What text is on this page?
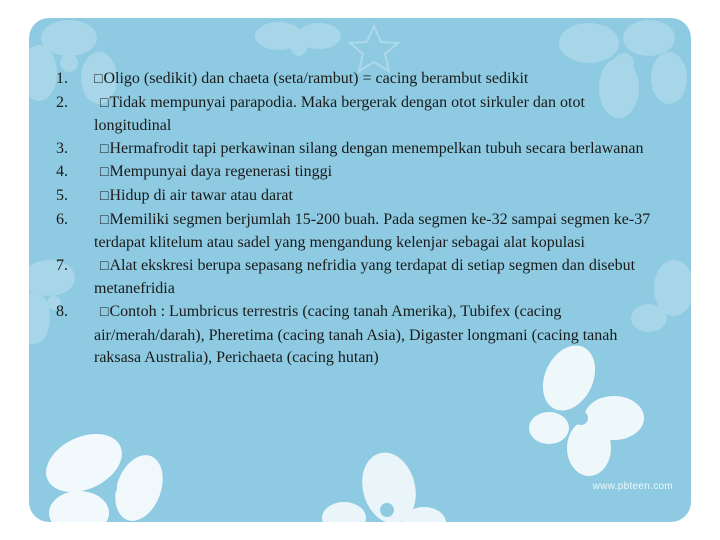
www.pbteen.com
1. □Oligo (sedikit) dan chaeta (seta/rambut) = cacing berambut sedikit
2. □Tidak mempunyai parapodia. Maka bergerak dengan otot sirkuler dan otot longitudinal
3. □Hermafrodit tapi perkawinan silang dengan menempelkan tubuh secara berlawanan
4. □Mempunyai daya regenerasi tinggi
5. □Hidup di air tawar atau darat
6. □Memiliki segmen berjumlah 15-200 buah. Pada segmen ke-32 sampai segmen ke-37 terdapat klitelum atau sadel yang mengandung kelenjar sebagai alat kopulasi
7. □Alat ekskresi berupa sepasang nefridia yang terdapat di setiap segmen dan disebut metanefridia
8. □Contoh : Lumbricus terrestris (cacing tanah Amerika), Tubifex (cacing air/merah/darah), Pheretima (cacing tanah Asia), Digaster longmani (cacing tanah raksasa Australia), Perichaeta (cacing hutan)
